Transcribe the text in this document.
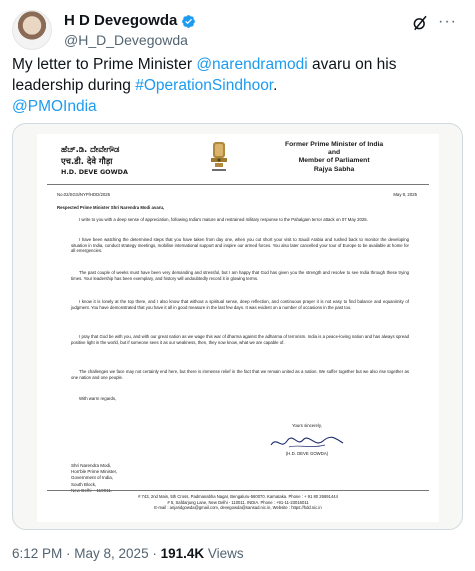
H D Devegowda
@H_D_Devegowda
···
My letter to Prime Minister @narendramodi avaru on his leadership during #OperationSindhoor.
@PMOIndia
ಹೆಚ್.ಡಿ. ದೇವೇಗೌಡ
एच.डी. देवे गौड़ा
H.D. DEVE GOWDA
Former Prime Minister of India
and
Member of Parliament
Rajya Sabha
No.02/SGS/NYP/HDD/2025	May 8, 2025
Respected Prime Minister Shri Narendra Modi avaru,
I write to you with a deep sense of appreciation, following India's mature and restrained military response to the Pahalgam terror attack on 07 May 2025.
I have been watching the determined steps that you have taken from day one, when you cut short your visit to Saudi Arabia and rushed back to monitor the developing situation in India, conduct strategy meetings, mobilise international support and inspire our armed forces. You also later cancelled your tour of Europe to be available at home for all emergencies.
The past couple of weeks must have been very demanding and stressful, but I am happy that God has given you the strength and resolve to see India through these trying times. Your leadership has been exemplary, and history will undoubtedly record it in glowing terms.
I know it is lonely at the top there, and I also know that without a spiritual sense, deep reflection, and continuous prayer it is not easy to find balance and equanimity of judgment. You have demonstrated that you have it all in good measure in the last few days. It was evident on a number of occasions in the past too.
I pray that God be with you, and with our great nation as we wage this war of dharma against the adharma of terrorism. India is a peace-loving nation and has always spread positive light in the world, but if someone sees it as our weakness, then, they now know, what we are capable of.
The challenges we face may not certainly end here, but there is immense relief in the fact that we remain united as a nation. We suffer together but we also rise together as one nation and one people.
With warm regards,
Yours sincerely,
(H.D. DEVE GOWDA)
Shri Narendra Modi,
Hon'ble Prime Minister,
Government of India,
South Block,
New Delhi – 110011.
# 743, 2nd Main, 5th Cross, Padmanabha Nagar, Bengaluru-560070. Karnataka. Phone : + 91 80 26691444
# 5, Safdarjung Lane, New Delhi - 110011. INDIA. Phone : +91-11-23016011
E-mail : anjaridgowda@gmail.com, devegowda@sansad.nic.in, Website : https://hdd.nic.in
6:12 PM · May 8, 2025 · 191.4K Views
